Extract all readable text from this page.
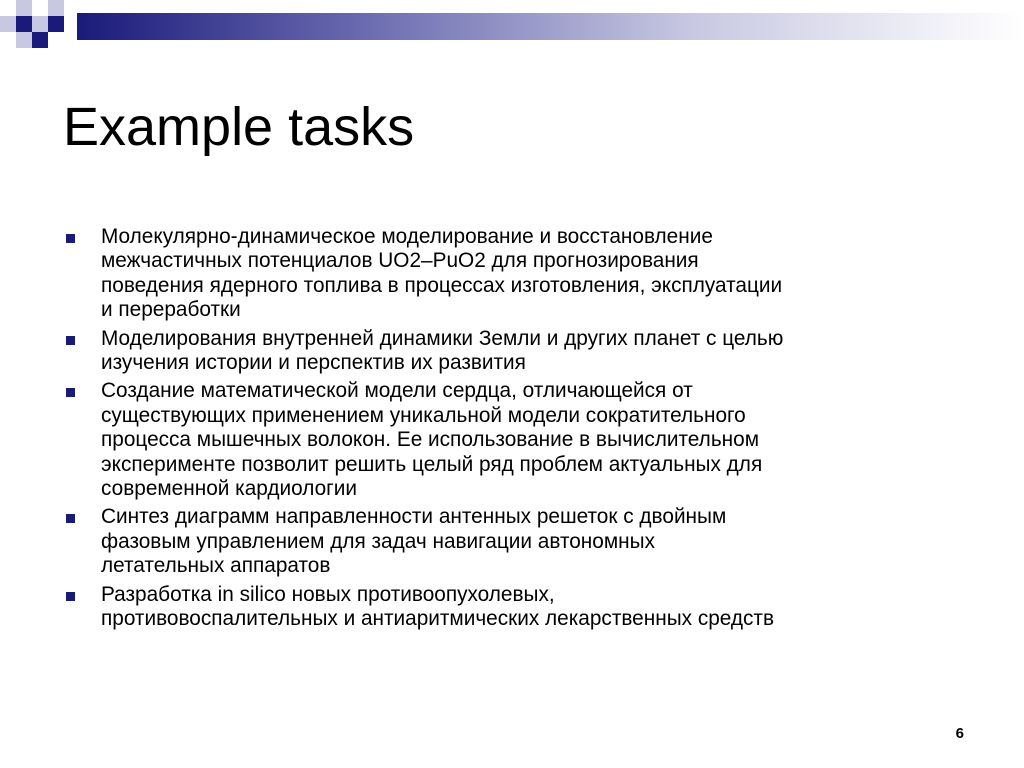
Example tasks
Молекулярно-динамическое моделирование и восстановление
межчастичных потенциалов UO2–PuO2 для прогнозирования
поведения ядерного топлива в процессах изготовления, эксплуатации
и переработки
Моделирования внутренней динамики Земли и других планет с целью
изучения истории и перспектив их развития
Создание математической модели сердца, отличающейся от
существующих применением уникальной модели сократительного
процесса мышечных волокон. Ее использование в вычислительном
эксперименте позволит решить целый ряд проблем актуальных для
современной кардиологии
Синтез диаграмм направленности антенных решеток с двойным
фазовым управлением для задач навигации автономных
летательных аппаратов
Разработка in silico новых противоопухолевых,
противовоспалительных и антиаритмических лекарственных средств
6
